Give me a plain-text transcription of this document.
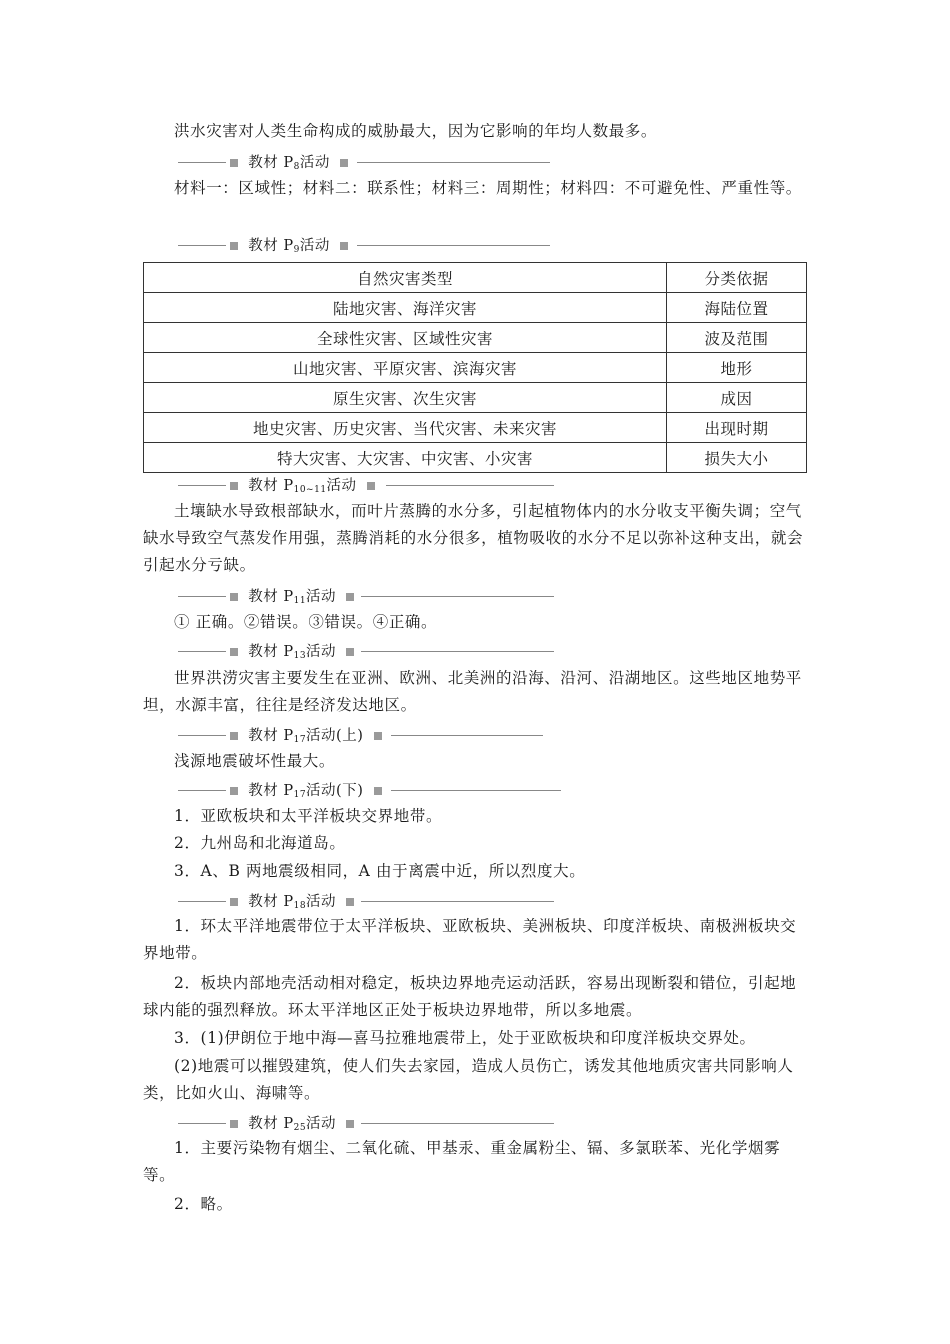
洪水灾害对人类生命构成的威胁最大，因为它影响的年均人数最多。

教材 $P_8$活动

材料一：区域性；材料二：联系性；材料三：周期性；材料四：不可避免性、严重性等。

教材 $P_9$活动
自然灾害类型	分类依据
陆地灾害、海洋灾害	海陆位置
全球性灾害、区域性灾害	波及范围
山地灾害、平原灾害、滨海灾害	地形
原生灾害、次生灾害	成因
地史灾害、历史灾害、当代灾害、未来灾害	出现时期
特大灾害、大灾害、中灾害、小灾害	损失大小
教材 $P_{10\sim 11}$活动

土壤缺水导致根部缺水，而叶片蒸腾的水分多，引起植物体内的水分收支平衡失调；空气缺水导致空气蒸发作用强，蒸腾消耗的水分很多，植物吸收的水分不足以弥补这种支出，就会引起水分亏缺。

教材 $P_{11}$活动

① 正确。②错误。③错误。④正确。

教材 $P_{13}$活动

世界洪涝灾害主要发生在亚洲、欧洲、北美洲的沿海、沿河、沿湖地区。这些地区地势平坦，水源丰富，往往是经济发达地区。

教材 $P_{17}$活动(上)

浅源地震破坏性最大。

教材 $P_{17}$活动(下)

1．亚欧板块和太平洋板块交界地带。

2．九州岛和北海道岛。

3．A、B 两地震级相同，A 由于离震中近，所以烈度大。

教材 $P_{18}$活动

1．环太平洋地震带位于太平洋板块、亚欧板块、美洲板块、印度洋板块、南极洲板块交界地带。

2．板块内部地壳活动相对稳定，板块边界地壳运动活跃，容易出现断裂和错位，引起地球内能的强烈释放。环太平洋地区正处于板块边界地带，所以多地震。

3．(1)伊朗位于地中海—喜马拉雅地震带上，处于亚欧板块和印度洋板块交界处。

(2)地震可以摧毁建筑，使人们失去家园，造成人员伤亡，诱发其他地质灾害共同影响人类，比如火山、海啸等。

教材 $P_{25}$活动

1．主要污染物有烟尘、二氧化硫、甲基汞、重金属粉尘、镉、多氯联苯、光化学烟雾等。

2．略。
